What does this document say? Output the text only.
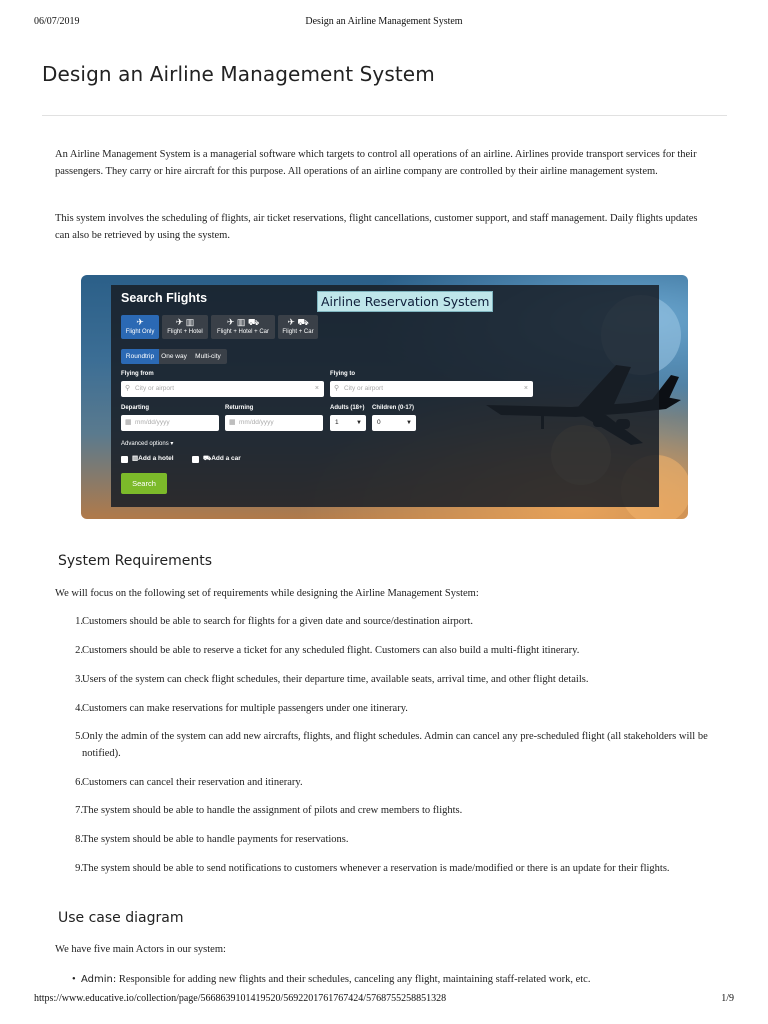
06/07/2019	Design an Airline Management System
Design an Airline Management System

An Airline Management System is a managerial software which targets to control all operations of an airline. Airlines provide transport services for their passengers. They carry or hire aircraft for this purpose. All operations of an airline company are controlled by their airline management system.

This system involves the scheduling of flights, air ticket reservations, flight cancellations, customer support, and staff management. Daily flights updates can also be retrieved by using the system.

Search Flights	Airline Reservation System
✈
Flight Only
✈ ▥
Flight + Hotel
✈ ▥ ⛟
Flight + Hotel + Car
✈ ⛟
Flight + Car
Roundtrip	One way	Multi-city
Flying from	Flying to
⚲ City or airport	× ⚲ City or airport	×
Departing	Returning	Adults (18+) Children (0-17)
▦ mm/dd/yyyy	▦ mm/dd/yyyy	1	▼	0	▼
Advanced options ▾
▥Add a hotel	⛟Add a car
Search
System Requirements

We will focus on the following set of requirements while designing the Airline Management System:

1. Customers should be able to search for flights for a given date and source/destination airport.
2. Customers should be able to reserve a ticket for any scheduled flight. Customers can also build a multi-flight itinerary.
3. Users of the system can check flight schedules, their departure time, available seats, arrival time, and other flight details.
4. Customers can make reservations for multiple passengers under one itinerary.
5. Only the admin of the system can add new aircrafts, flights, and flight schedules. Admin can cancel any pre-scheduled flight (all stakeholders will be notified).
6. Customers can cancel their reservation and itinerary.
7. The system should be able to handle the assignment of pilots and crew members to flights.
8. The system should be able to handle payments for reservations.
9. The system should be able to send notifications to customers whenever a reservation is made/modified or there is an update for their flights.
Use case diagram

We have five main Actors in our system:

• Admin: Responsible for adding new flights and their schedules, canceling any flight, maintaining staff-related work, etc.
https://www.educative.io/collection/page/5668639101419520/5692201761767424/5768755258851328	1/9
